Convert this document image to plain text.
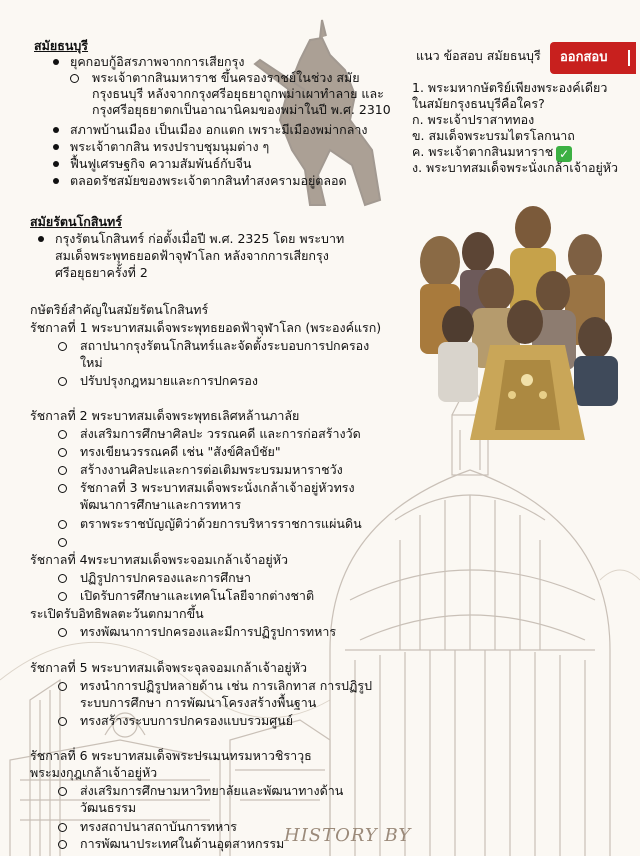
สมัยธนบุรี
ยุคกอบกู้อิสรภาพจากการเสียกรุง
พระเจ้าตากสินมหาราช ขึ้นครองราชย์ในช่วง สมัย
กรุงธนบุรี หลังจากกรุงศรีอยุธยาถูกพม่าเผาทำลาย และ
กรุงศรีอยุธยาตกเป็นอาณานิคมของพม่าในปี พ.ศ. 2310
สภาพบ้านเมือง เป็นเมือง อกแตก เพราะมีเมืองพม่ากลาง
พระเจ้าตากสิน ทรงปราบชุมนุมต่าง ๆ
ฟื้นฟูเศรษฐกิจ ความสัมพันธ์กับจีน
ตลอดรัชสมัยของพระเจ้าตากสินทำสงครามอยู่ตลอด
แนว ข้อสอบ สมัยธนบุรี	ออกสอบ
1. พระมหากษัตริย์เพียงพระองค์เดียว
ในสมัยกรุงธนบุรีคือใคร?
ก. พระเจ้าปราสาททอง
ข. สมเด็จพระบรมไตรโลกนาถ
ค. พระเจ้าตากสินมหาราช ✓
ง. พระบาทสมเด็จพระนั่งเกล้าเจ้าอยู่หัว
สมัยรัตนโกสินทร์
กรุงรัตนโกสินทร์ ก่อตั้งเมื่อปี พ.ศ. 2325 โดย พระบาท
สมเด็จพระพุทธยอดฟ้าจุฬาโลก หลังจากการเสียกรุง
ศรีอยุธยาครั้งที่ 2
กษัตริย์สำคัญในสมัยรัตนโกสินทร์
รัชกาลที่ 1 พระบาทสมเด็จพระพุทธยอดฟ้าจุฬาโลก (พระองค์แรก)
สถาปนากรุงรัตนโกสินทร์และจัดตั้งระบอบการปกครอง
ใหม่
ปรับปรุงกฎหมายและการปกครอง
รัชกาลที่ 2 พระบาทสมเด็จพระพุทธเลิศหล้านภาลัย
ส่งเสริมการศึกษาศิลปะ วรรณคดี และการก่อสร้างวัด
ทรงเขียนวรรณคดี เช่น "สังข์ศิลป์ชัย"
สร้างงานศิลปะและการต่อเติมพระบรมมหาราชวัง
รัชกาลที่ 3 พระบาทสมเด็จพระนั่งเกล้าเจ้าอยู่หัวทรง
พัฒนาการศึกษาและการทหาร
ตราพระราชบัญญัติว่าด้วยการบริหารราชการแผ่นดิน
รัชกาลที่ 4พระบาทสมเด็จพระจอมเกล้าเจ้าอยู่หัว
ปฏิรูปการปกครองและการศึกษา
เปิดรับการศึกษาและเทคโนโลยีจากต่างชาติ
ระเปิดรับอิทธิพลตะวันตกมากขึ้น
ทรงพัฒนาการปกครองและมีการปฏิรูปการทหาร
รัชกาลที่ 5 พระบาทสมเด็จพระจุลจอมเกล้าเจ้าอยู่หัว
ทรงนำการปฏิรูปหลายด้าน เช่น การเลิกทาส การปฏิรูป
ระบบการศึกษา การพัฒนาโครงสร้างพื้นฐาน
ทรงสร้างระบบการปกครองแบบรวมศูนย์
รัชกาลที่ 6 พระบาทสมเด็จพระปรเมนทรมหาวชิราวุธ
พระมงกุฎเกล้าเจ้าอยู่หัว
ส่งเสริมการศึกษามหาวิทยาลัยและพัฒนาทางด้าน
วัฒนธรรม
ทรงสถาปนาสถาบันการทหาร
การพัฒนาประเทศในด้านอุตสาหกรรม HISTORY BY
